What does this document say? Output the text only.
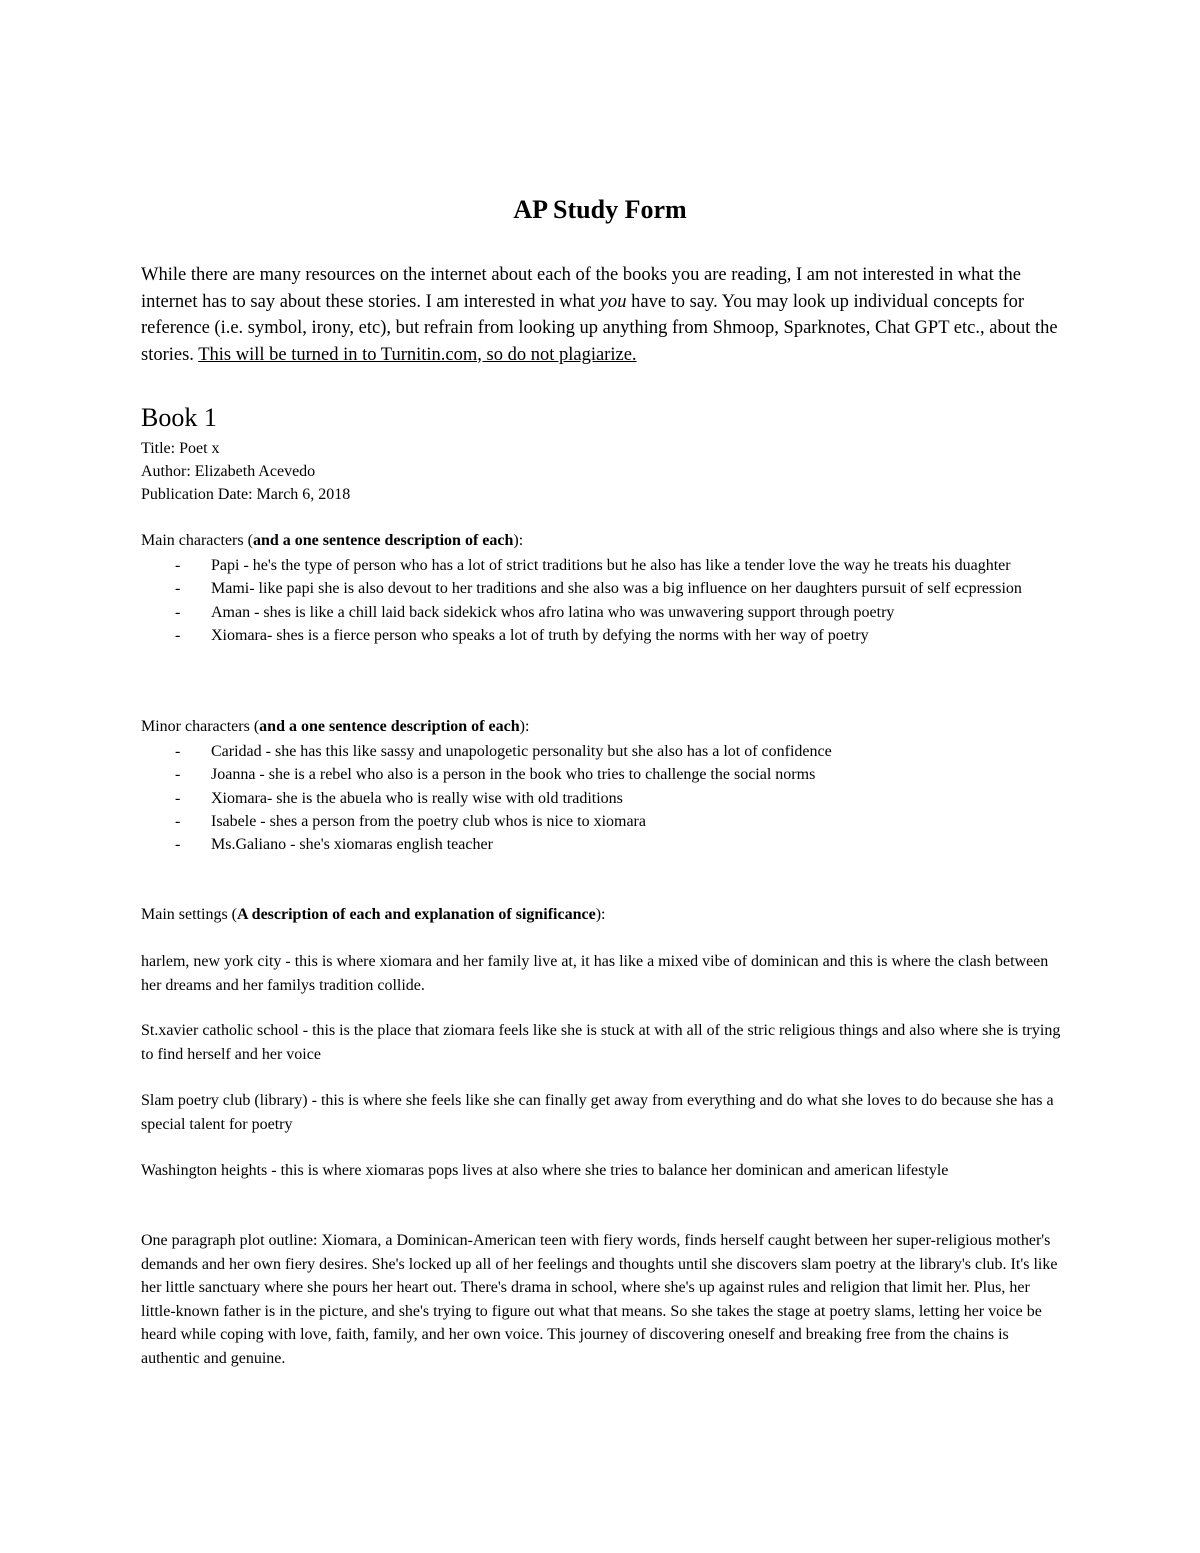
AP Study Form

While there are many resources on the internet about each of the books you are reading, I am not interested in what the internet has to say about these stories. I am interested in what you have to say. You may look up individual concepts for reference (i.e. symbol, irony, etc), but refrain from looking up anything from Shmoop, Sparknotes, Chat GPT etc., about the stories. This will be turned in to Turnitin.com, so do not plagiarize.

Book 1

Title: Poet x

Author: Elizabeth Acevedo

Publication Date: March 6, 2018

Main characters (and a one sentence description of each):

- Papi - he's the type of person who has a lot of strict traditions but he also has like a tender love the way he treats his duaghter
- Mami- like papi she is also devout to her traditions and she also was a big influence on her daughters pursuit of self ecpression
- Aman - shes is like a chill laid back sidekick whos afro latina who was unwavering support through poetry
- Xiomara- shes is a fierce person who speaks a lot of truth by defying the norms with her way of poetry

Minor characters (and a one sentence description of each):

- Caridad - she has this like sassy and unapologetic personality but she also has a lot of confidence
- Joanna - she is a rebel who also is a person in the book who tries to challenge the social norms
- Xiomara- she is the abuela who is really wise with old traditions
- Isabele - shes a person from the poetry club whos is nice to xiomara
- Ms.Galiano - she's xiomaras english teacher

Main settings (A description of each and explanation of significance):

harlem, new york city - this is where xiomara and her family live at, it has like a mixed vibe of dominican and this is where the clash between her dreams and her familys tradition collide.

St.xavier catholic school - this is the place that ziomara feels like she is stuck at with all of the stric religious things and also where she is trying to find herself and her voice

Slam poetry club (library) - this is where she feels like she can finally get away from everything and do what she loves to do because she has a special talent for poetry

Washington heights - this is where xiomaras pops lives at also where she tries to balance her dominican and american lifestyle

One paragraph plot outline: Xiomara, a Dominican-American teen with fiery words, finds herself caught between her super-religious mother's demands and her own fiery desires. She's locked up all of her feelings and thoughts until she discovers slam poetry at the library's club. It's like her little sanctuary where she pours her heart out. There's drama in school, where she's up against rules and religion that limit her. Plus, her little-known father is in the picture, and she's trying to figure out what that means. So she takes the stage at poetry slams, letting her voice be heard while coping with love, faith, family, and her own voice. This journey of discovering oneself and breaking free from the chains is authentic and genuine.
